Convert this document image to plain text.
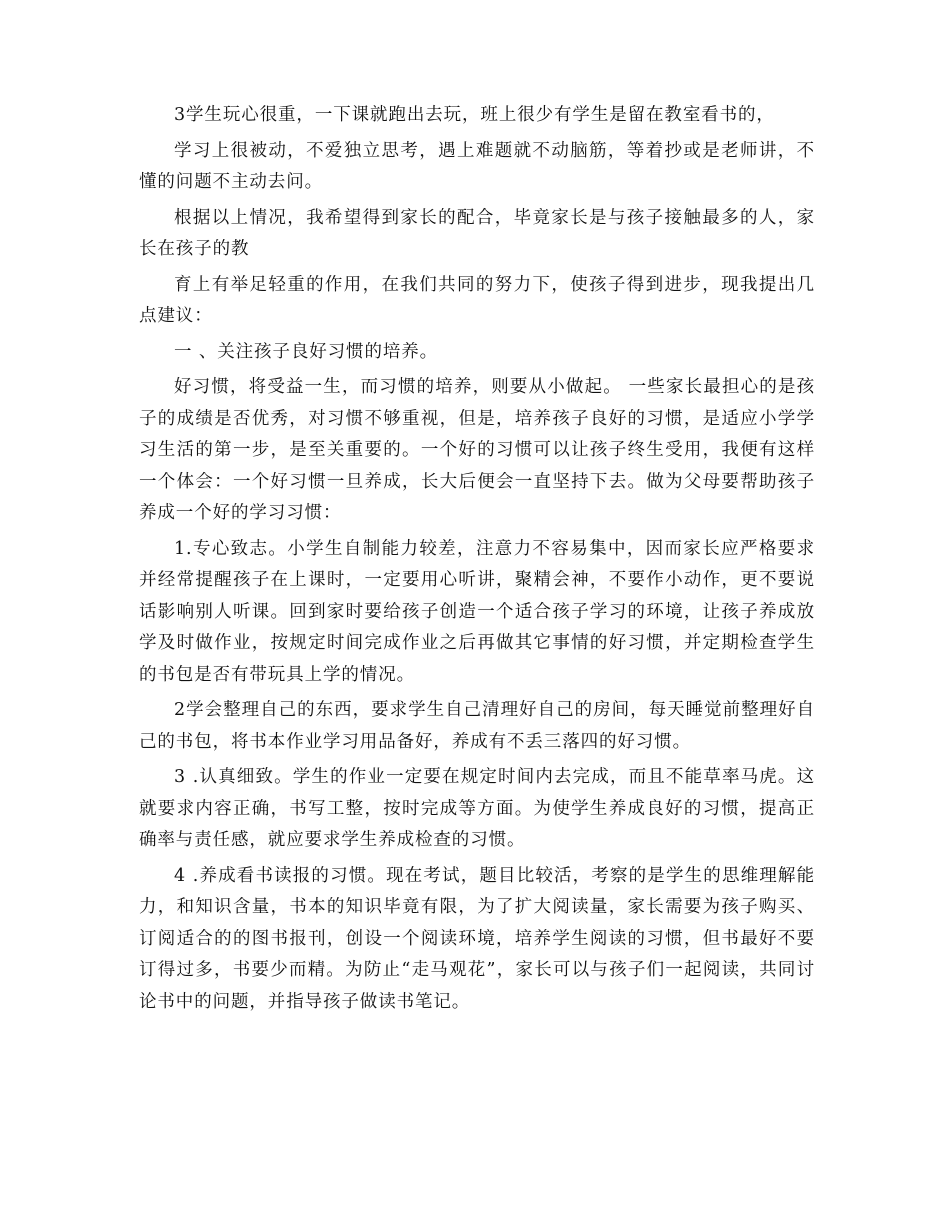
3学生玩心很重，一下课就跑出去玩，班上很少有学生是留在教室看书的，

学习上很被动，不爱独立思考，遇上难题就不动脑筋，等着抄或是老师讲，不懂的问题不主动去问。

根据以上情况，我希望得到家长的配合，毕竟家长是与孩子接触最多的人，家长在孩子的教

育上有举足轻重的作用，在我们共同的努力下，使孩子得到进步，现我提出几点建议：

一 、关注孩子良好习惯的培养。

好习惯，将受益一生，而习惯的培养，则要从小做起。 一些家长最担心的是孩子的成绩是否优秀，对习惯不够重视，但是，培养孩子良好的习惯，是适应小学学习生活的第一步，是至关重要的。一个好的习惯可以让孩子终生受用，我便有这样一个体会：一个好习惯一旦养成，长大后便会一直坚持下去。做为父母要帮助孩子养成一个好的学习习惯：

1.专心致志。小学生自制能力较差，注意力不容易集中，因而家长应严格要求并经常提醒孩子在上课时，一定要用心听讲，聚精会神，不要作小动作，更不要说话影响别人听课。回到家时要给孩子创造一个适合孩子学习的环境，让孩子养成放学及时做作业，按规定时间完成作业之后再做其它事情的好习惯，并定期检查学生的书包是否有带玩具上学的情况。

2学会整理自己的东西，要求学生自己清理好自己的房间，每天睡觉前整理好自己的书包，将书本作业学习用品备好，养成有不丢三落四的好习惯。

3 .认真细致。学生的作业一定要在规定时间内去完成，而且不能草率马虎。这就要求内容正确，书写工整，按时完成等方面。为使学生养成良好的习惯，提高正确率与责任感，就应要求学生养成检查的习惯。

4 .养成看书读报的习惯。现在考试，题目比较活，考察的是学生的思维理解能力，和知识含量，书本的知识毕竟有限，为了扩大阅读量，家长需要为孩子购买、订阅适合的的图书报刊，创设一个阅读环境，培养学生阅读的习惯，但书最好不要订得过多，书要少而精。为防止“走马观花”，家长可以与孩子们一起阅读，共同讨论书中的问题，并指导孩子做读书笔记。
